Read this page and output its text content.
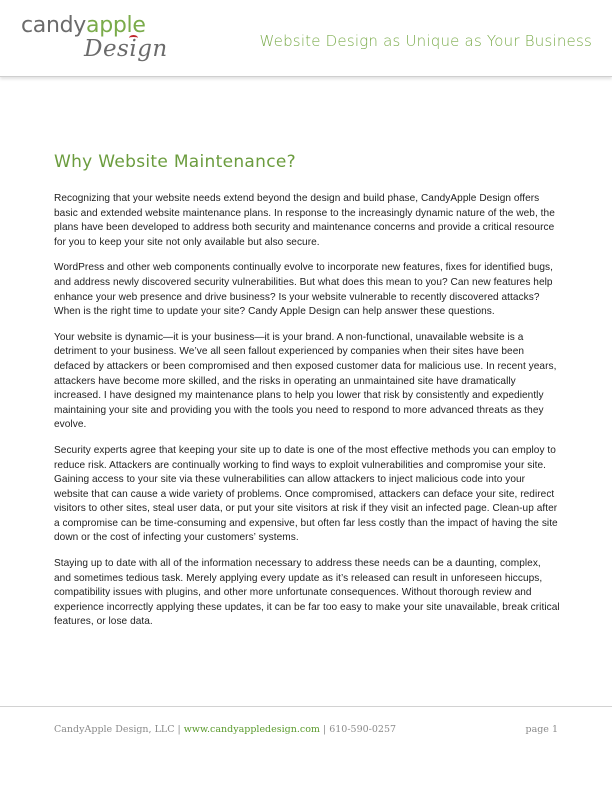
candyapple
Design	Website Design as Unique as Your Business
Why Website Maintenance?

Recognizing that your website needs extend beyond the design and build phase, CandyApple Design offers basic and extended website maintenance plans. In response to the increasingly dynamic nature of the web, the plans have been developed to address both security and maintenance concerns and provide a critical resource for you to keep your site not only available but also secure.

WordPress and other web components continually evolve to incorporate new features, fixes for identified bugs, and address newly discovered security vulnerabilities. But what does this mean to you? Can new features help enhance your web presence and drive business? Is your website vulnerable to recently discovered attacks? When is the right time to update your site? Candy Apple Design can help answer these questions.

Your website is dynamic—it is your business—it is your brand. A non-functional, unavailable website is a detriment to your business. We’ve all seen fallout experienced by companies when their sites have been defaced by attackers or been compromised and then exposed customer data for malicious use. In recent years, attackers have become more skilled, and the risks in operating an unmaintained site have dramatically increased. I have designed my maintenance plans to help you lower that risk by consistently and expediently maintaining your site and providing you with the tools you need to respond to more advanced threats as they evolve.

Security experts agree that keeping your site up to date is one of the most effective methods you can employ to reduce risk. Attackers are continually working to find ways to exploit vulnerabilities and compromise your site. Gaining access to your site via these vulnerabilities can allow attackers to inject malicious code into your website that can cause a wide variety of problems. Once compromised, attackers can deface your site, redirect visitors to other sites, steal user data, or put your site visitors at risk if they visit an infected page. Clean-up after a compromise can be time-consuming and expensive, but often far less costly than the impact of having the site down or the cost of infecting your customers’ systems.

Staying up to date with all of the information necessary to address these needs can be a daunting, complex, and sometimes tedious task. Merely applying every update as it’s released can result in unforeseen hiccups, compatibility issues with plugins, and other more unfortunate consequences. Without thorough review and experience incorrectly applying these updates, it can be far too easy to make your site unavailable, break critical features, or lose data.

CandyApple Design, LLC | www.candyappledesign.com | 610-590-0257	page 1
